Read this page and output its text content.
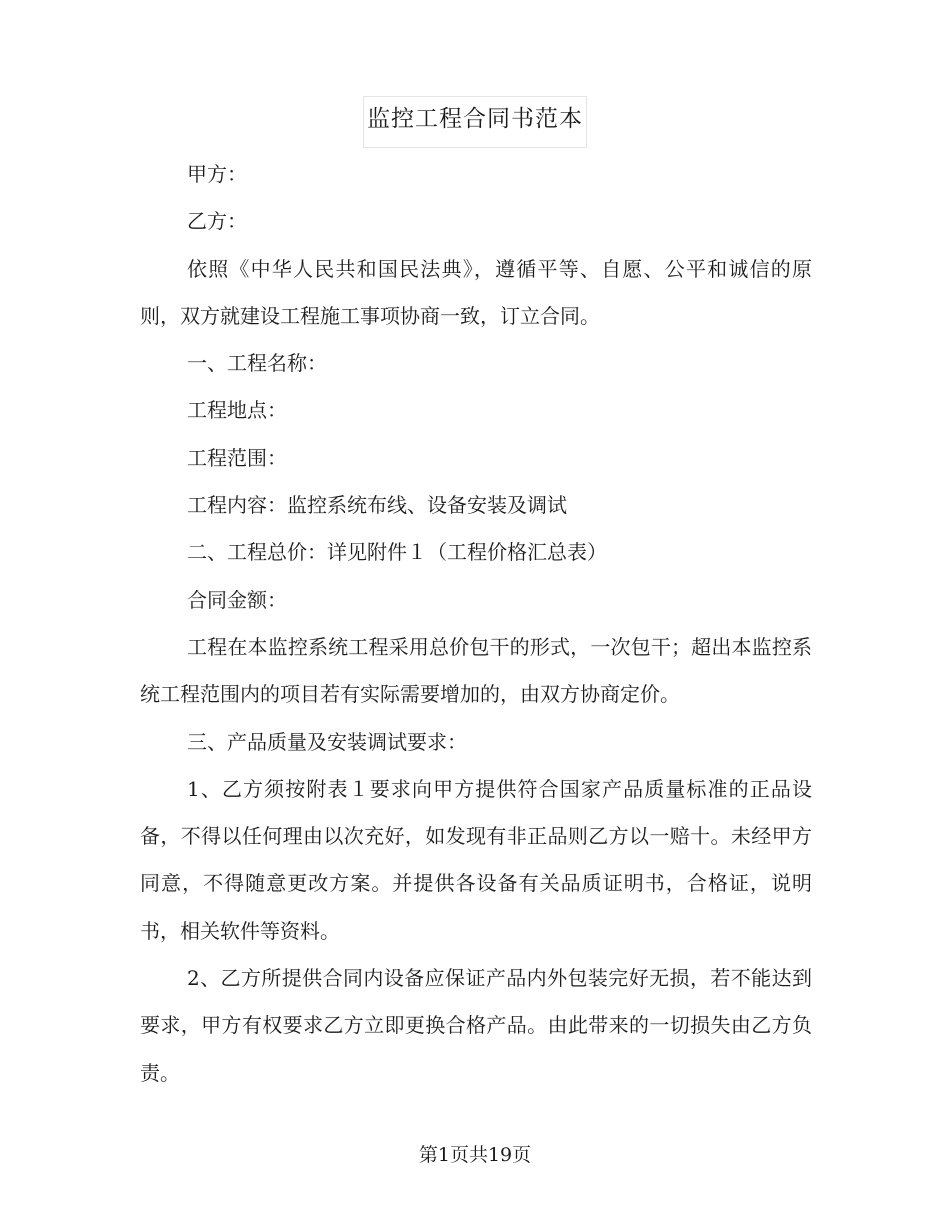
监控工程合同书范本

甲方：

乙方：

依照《中华人民共和国民法典》，遵循平等、自愿、公平和诚信的原则，双方就建设工程施工事项协商一致，订立合同。

一、工程名称：

工程地点：

工程范围：

工程内容：监控系统布线、设备安装及调试

二、工程总价：详见附件１（工程价格汇总表）

合同金额：

工程在本监控系统工程采用总价包干的形式，一次包干；超出本监控系统工程范围内的项目若有实际需要增加的，由双方协商定价。

三、产品质量及安装调试要求：

1、乙方须按附表１要求向甲方提供符合国家产品质量标准的正品设备，不得以任何理由以次充好，如发现有非正品则乙方以一赔十。未经甲方同意，不得随意更改方案。并提供各设备有关品质证明书，合格证，说明书，相关软件等资料。

2、乙方所提供合同内设备应保证产品内外包装完好无损，若不能达到要求，甲方有权要求乙方立即更换合格产品。由此带来的一切损失由乙方负责。

第1页共19页
